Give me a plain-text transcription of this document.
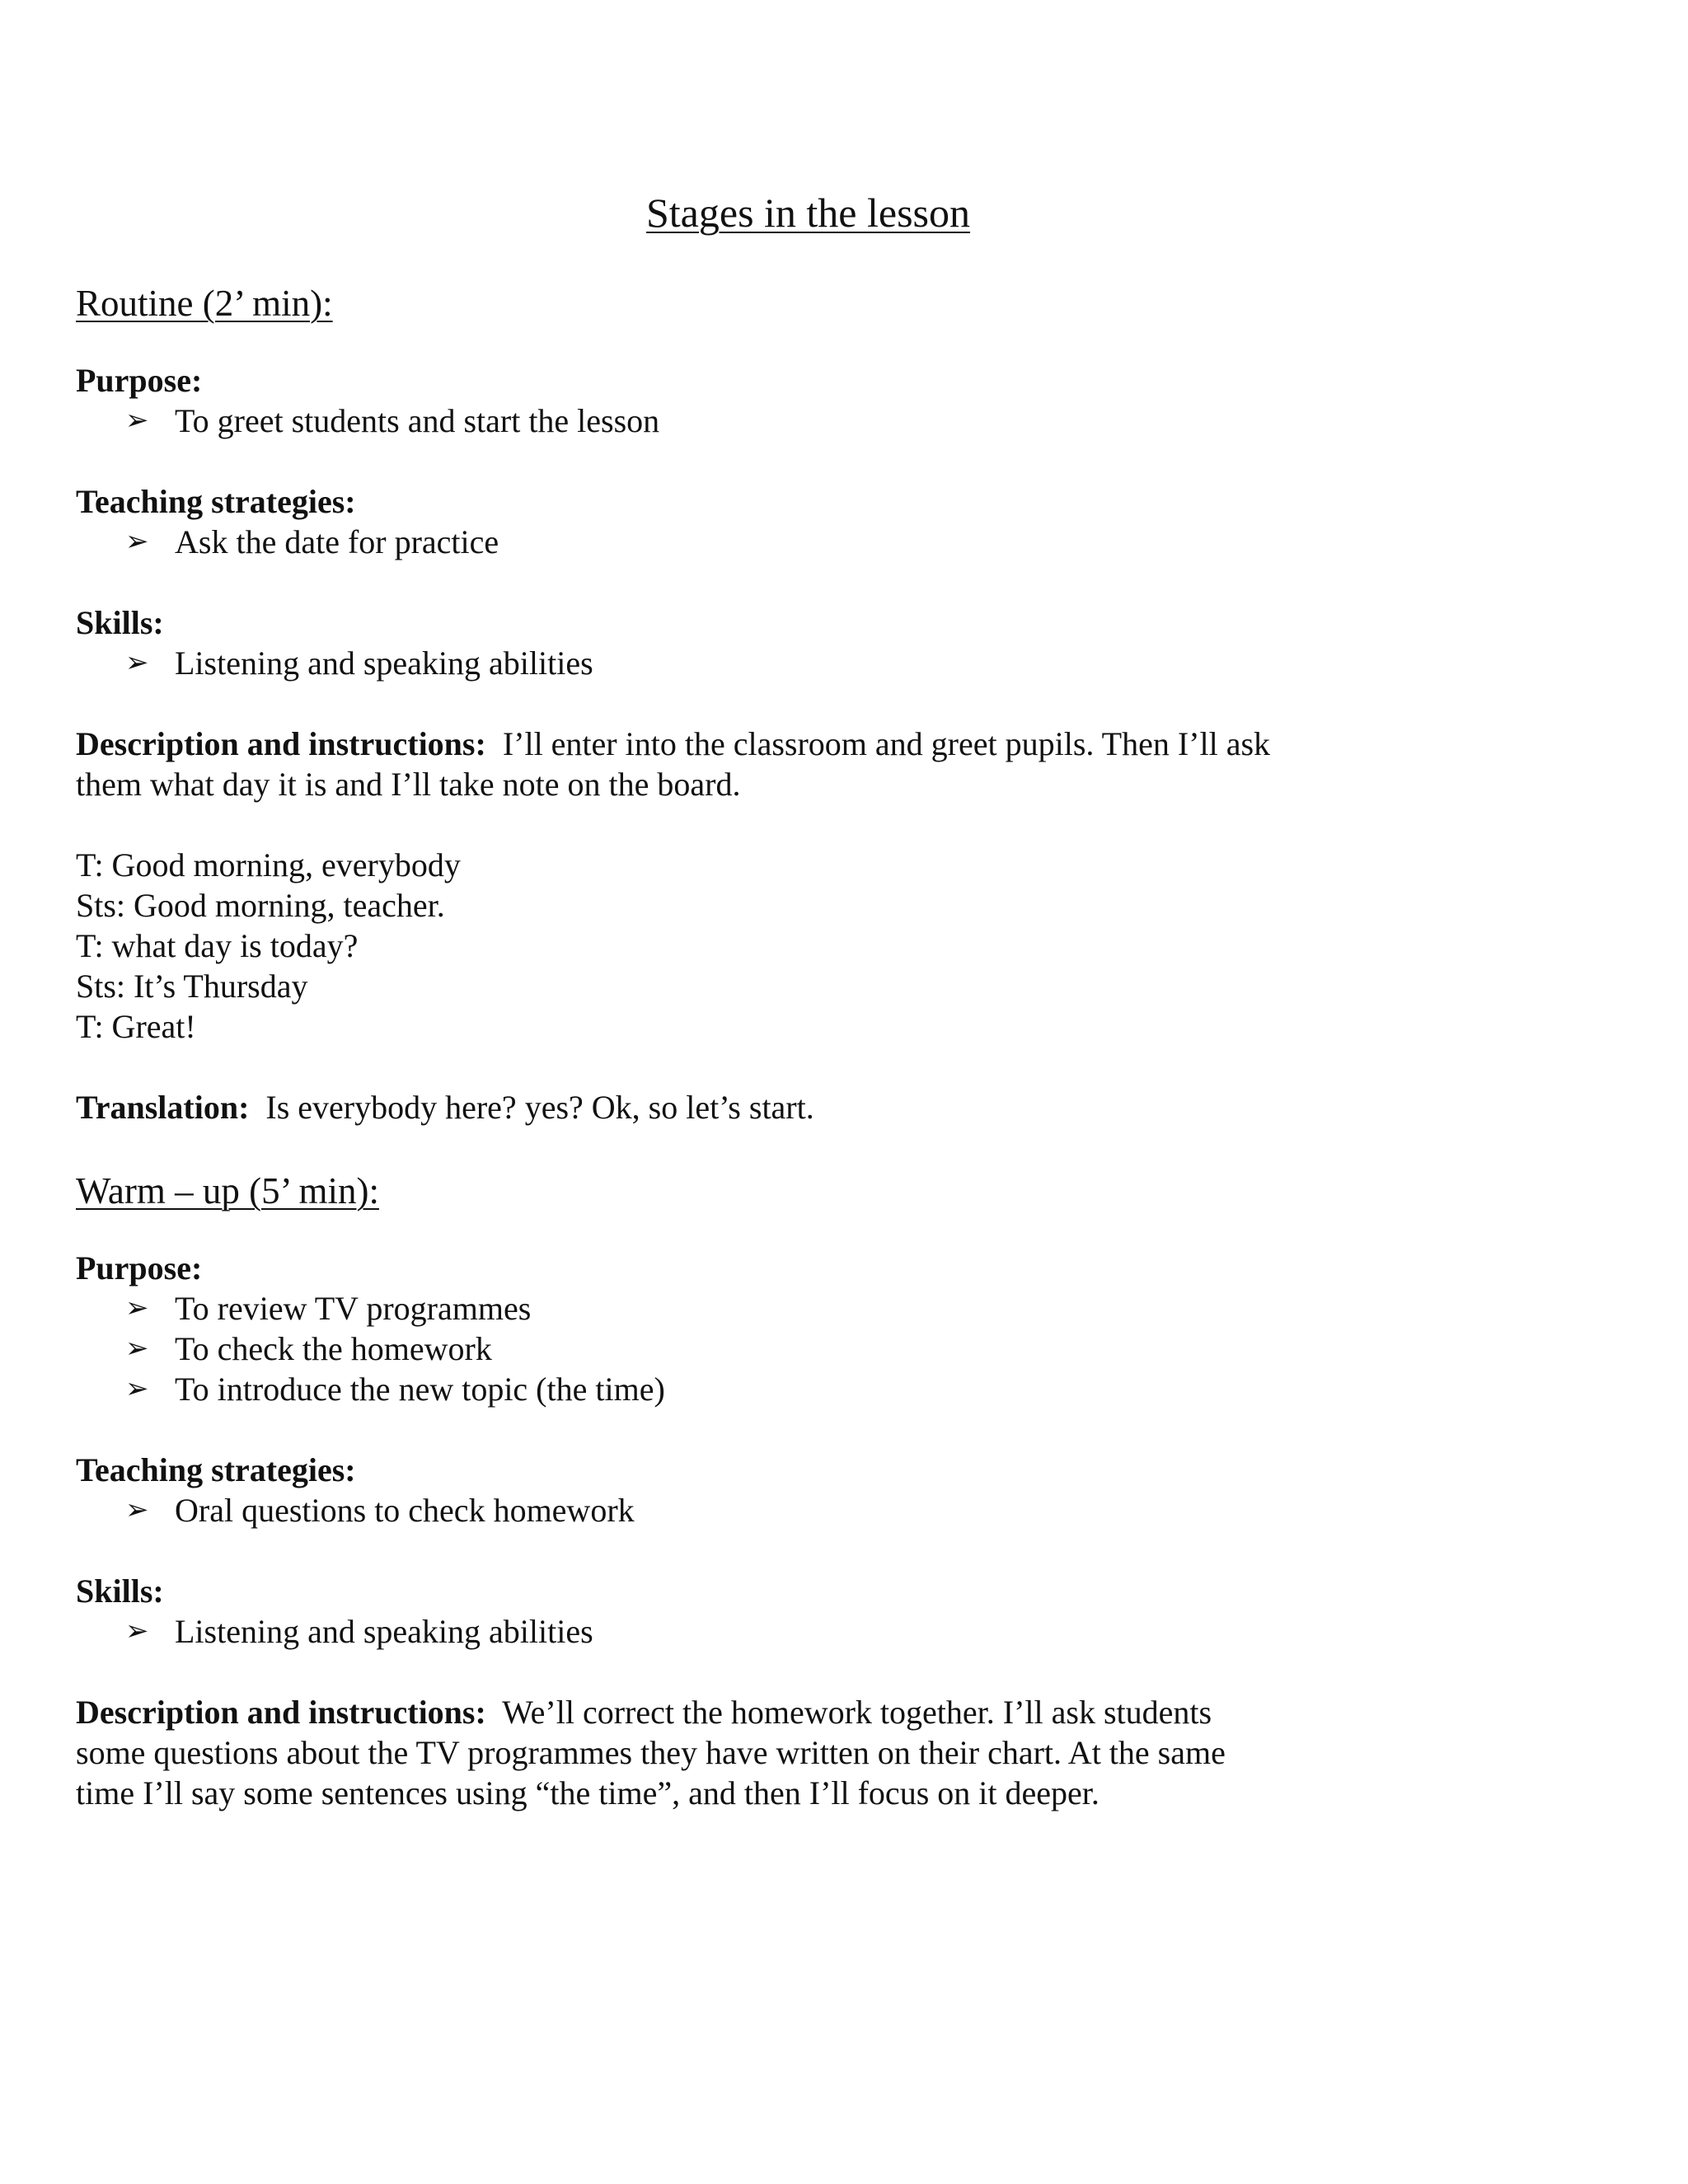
Stages in the lesson
Routine (2’ min):
Purpose:
➢ To greet students and start the lesson
Teaching strategies:
➢ Ask the date for practice
Skills:
➢ Listening and speaking abilities
Description and instructions: I’ll enter into the classroom and greet pupils. Then I’ll ask
them what day it is and I’ll take note on the board.
T: Good morning, everybody
Sts: Good morning, teacher.
T: what day is today?
Sts: It’s Thursday
T: Great!
Translation: Is everybody here? yes? Ok, so let’s start.
Warm – up (5’ min):
Purpose:
➢ To review TV programmes
➢ To check the homework
➢ To introduce the new topic (the time)
Teaching strategies:
➢ Oral questions to check homework
Skills:
➢ Listening and speaking abilities
Description and instructions: We’ll correct the homework together. I’ll ask students
some questions about the TV programmes they have written on their chart. At the same
time I’ll say some sentences using “the time”, and then I’ll focus on it deeper.
